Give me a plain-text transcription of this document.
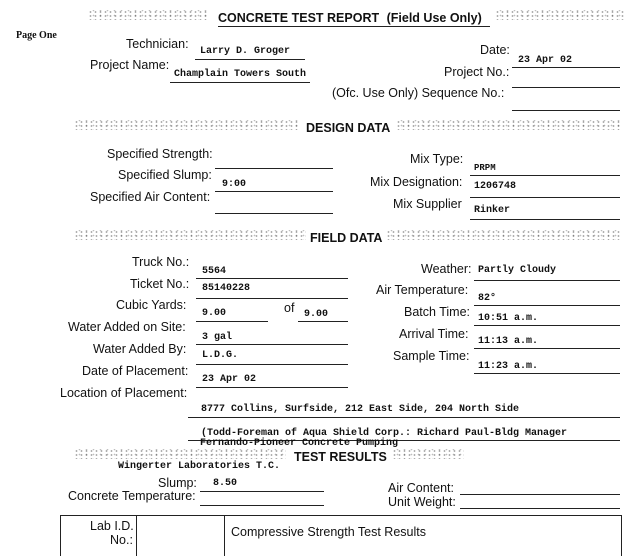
CONCRETE TEST REPORT (Field Use Only)
Page One
Technician:
Larry D. Groger
Project Name:
Champlain Towers South
Date:
23 Apr 02
Project No.:
(Ofc. Use Only) Sequence No.:
DESIGN DATA
Specified Strength:
Specified Slump:
9:00
Specified Air Content:
Mix Type:
PRPM
Mix Designation: 1206748
Mix Supplier Rinker
FIELD DATA
Truck No.:
5564
Ticket No.: 85140228
Cubic Yards:
9.00	of 9.00
Water Added on Site:
3 gal
Water Added By: L.D.G.
Date of Placement:
23 Apr 02
Location of Placement:
8777 Collins, Surfside, 212 East Side, 204 North Side
(Todd-Foreman of Aqua Shield Corp.: Richard Paul-Bldg Manager
Fernando-Pioneer Concrete Pumping
Weather: Partly Cloudy
Air Temperature:
82°
Batch Time: 10:51 a.m.
Arrival Time:
11:13 a.m.
Sample Time:
11:23 a.m.
TEST RESULTS
Wingerter Laboratories T.C.
Slump: 8.50
Concrete Temperature:
Air Content:
Unit Weight:
Lab I.D.
No.:
Compressive Strength Test Results
